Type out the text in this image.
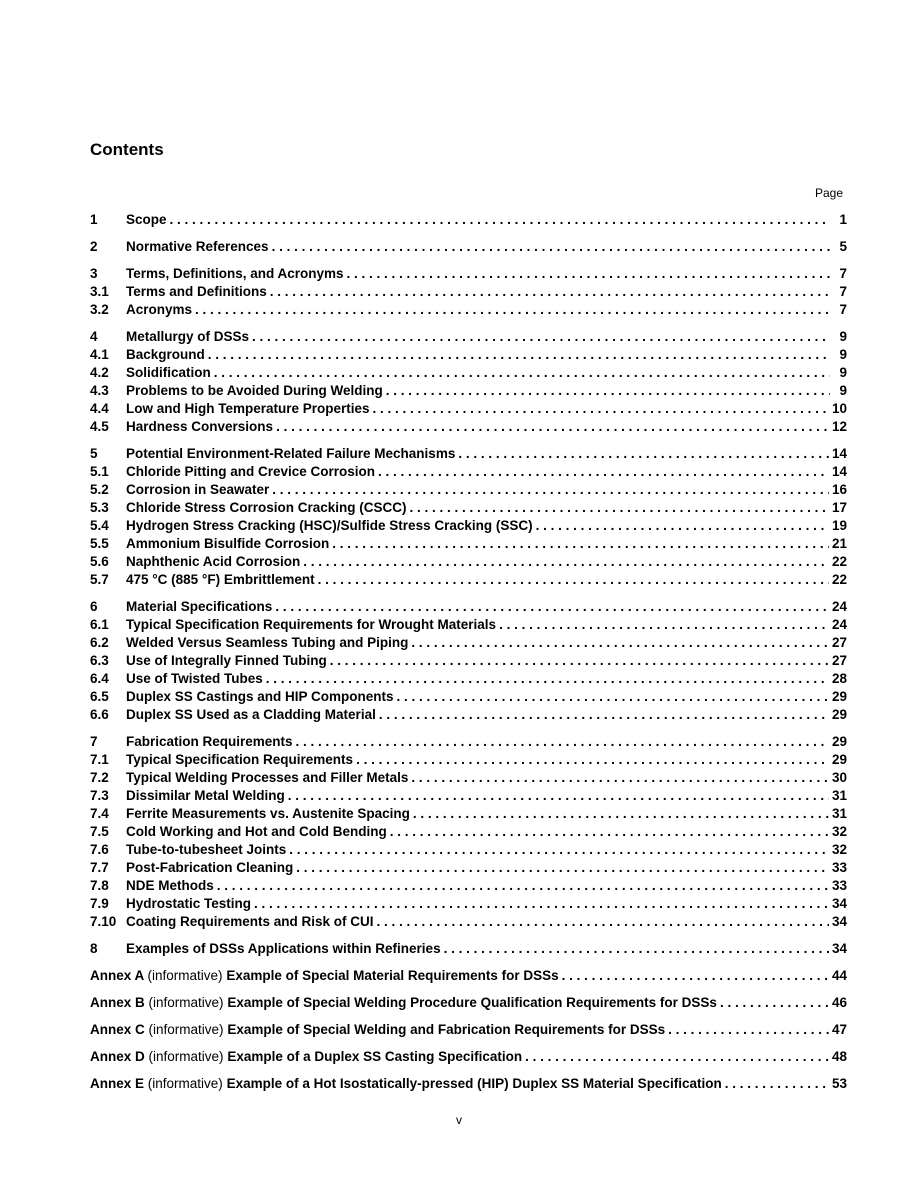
Contents
Page
1	Scope . . .	1
2	Normative References . . .	5
3	Terms, Definitions, and Acronyms . . .	7
3.1	Terms and Definitions . . .	7
3.2	Acronyms . . .	7
4	Metallurgy of DSSs . . .	9
4.1	Background . . .	9
4.2	Solidification . . .	9
4.3	Problems to be Avoided During Welding . . .	9
4.4	Low and High Temperature Properties . . .	10
4.5	Hardness Conversions . . .	12
5	Potential Environment-Related Failure Mechanisms . . .	14
5.1	Chloride Pitting and Crevice Corrosion . . .	14
5.2	Corrosion in Seawater . . .	16
5.3	Chloride Stress Corrosion Cracking (CSCC) . . .	17
5.4	Hydrogen Stress Cracking (HSC)/Sulfide Stress Cracking (SSC) . . .	19
5.5	Ammonium Bisulfide Corrosion . . .	21
5.6	Naphthenic Acid Corrosion . . .	22
5.7	475 °C (885 °F) Embrittlement . . .	22
6	Material Specifications . . .	24
6.1	Typical Specification Requirements for Wrought Materials . . .	24
6.2	Welded Versus Seamless Tubing and Piping . . .	27
6.3	Use of Integrally Finned Tubing . . .	27
6.4	Use of Twisted Tubes . . .	28
6.5	Duplex SS Castings and HIP Components . . .	29
6.6	Duplex SS Used as a Cladding Material . . .	29
7	Fabrication Requirements . . .	29
7.1	Typical Specification Requirements . . .	29
7.2	Typical Welding Processes and Filler Metals . . .	30
7.3	Dissimilar Metal Welding . . .	31
7.4	Ferrite Measurements vs. Austenite Spacing . . .	31
7.5	Cold Working and Hot and Cold Bending . . .	32
7.6	Tube-to-tubesheet Joints . . .	32
7.7	Post-Fabrication Cleaning . . .	33
7.8	NDE Methods . . .	33
7.9	Hydrostatic Testing . . .	34
7.10 Coating Requirements and Risk of CUI . . .	34
8	Examples of DSSs Applications within Refineries . . .	34
Annex A (informative) Example of Special Material Requirements for DSSs . . .	44
Annex B (informative) Example of Special Welding Procedure Qualification Requirements for DSSs . . .	46
Annex C (informative) Example of Special Welding and Fabrication Requirements for DSSs . . .	47
Annex D (informative) Example of a Duplex SS Casting Specification . . .	48
Annex E (informative) Example of a Hot Isostatically-pressed (HIP) Duplex SS Material Specification . . .	53
v
